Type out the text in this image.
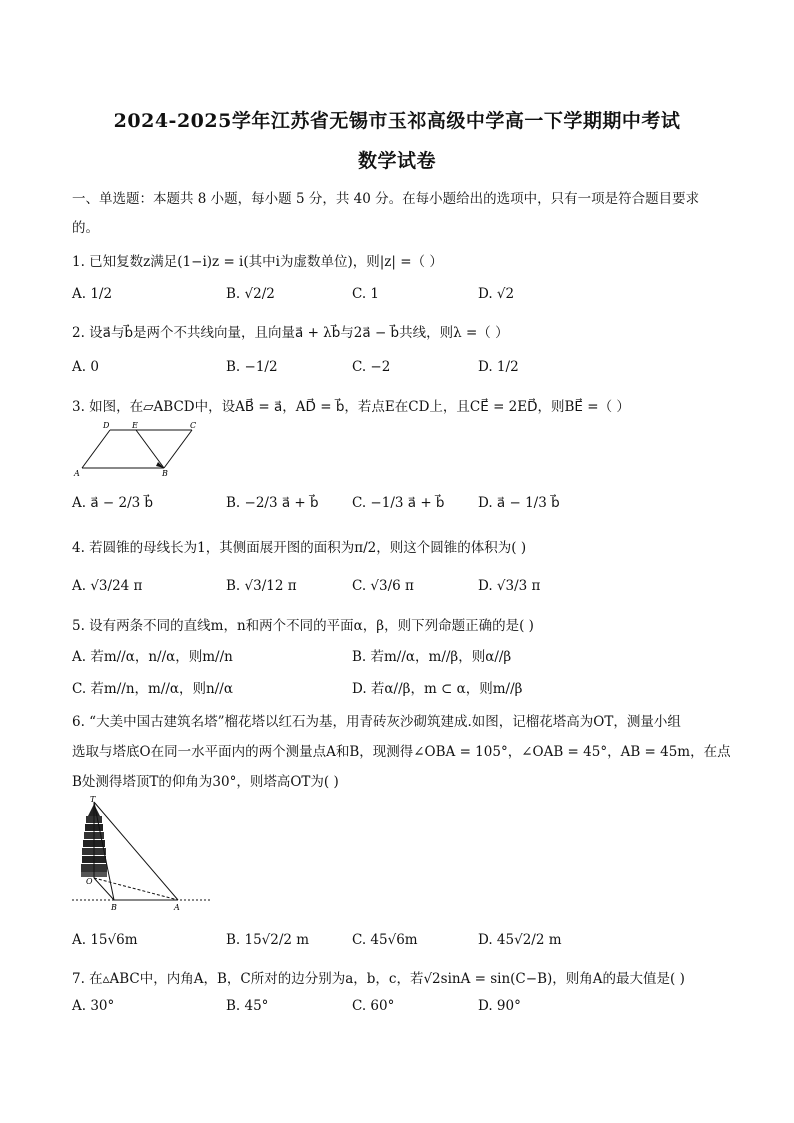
2024-2025学年江苏省无锡市玉祁高级中学高一下学期期中考试
数学试卷
一、单选题：本题共 8 小题，每小题 5 分，共 40 分。在每小题给出的选项中，只有一项是符合题目要求
的。
1. 已知复数z满足(1−i)z = i(其中i为虚数单位)，则|z| =（ ）
A. 1/2	B. √2/2	C. 1	D. √2
2. 设a⃗与b⃗是两个不共线向量，且向量a⃗ + λb⃗与2a⃗ − b⃗共线，则λ =（ ）
A. 0	B. −1/2	C. −2	D. 1/2
3. 如图，在▱ABCD中，设AB⃗ = a⃗，AD⃗ = b⃗，若点E在CD上，且CE⃗ = 2ED⃗，则BE⃗ =（ ）
D	E	C
A	B
A. a⃗ − 2/3 b⃗	B. −2/3 a⃗ + b⃗ C. −1/3 a⃗ + b⃗ D. a⃗ − 1/3 b⃗
4. 若圆锥的母线长为1，其侧面展开图的面积为π/2，则这个圆锥的体积为( )
A. √3/24 π	B. √3/12 π	C. √3/6 π	D. √3/3 π
5. 设有两条不同的直线m，n和两个不同的平面α，β，则下列命题正确的是( )
A. 若m//α，n//α，则m//n	B. 若m//α，m//β，则α//β
C. 若m//n，m//α，则n//α	D. 若α//β，m ⊂ α，则m//β
6. “大美中国古建筑名塔”榴花塔以红石为基，用青砖灰沙砌筑建成.如图，记榴花塔高为OT，测量小组
选取与塔底O在同一水平面内的两个测量点A和B，现测得∠OBA = 105°，∠OAB = 45°，AB = 45m，在点
B处测得塔顶T的仰角为30°，则塔高OT为( )
T
O
B	A
A. 15√6m	B. 15√2/2 m	C. 45√6m	D. 45√2/2 m
7. 在▵ABC中，内角A，B，C所对的边分别为a，b，c，若√2sinA = sin(C−B)，则角A的最大值是( )
A. 30°	B. 45°	C. 60°	D. 90°
